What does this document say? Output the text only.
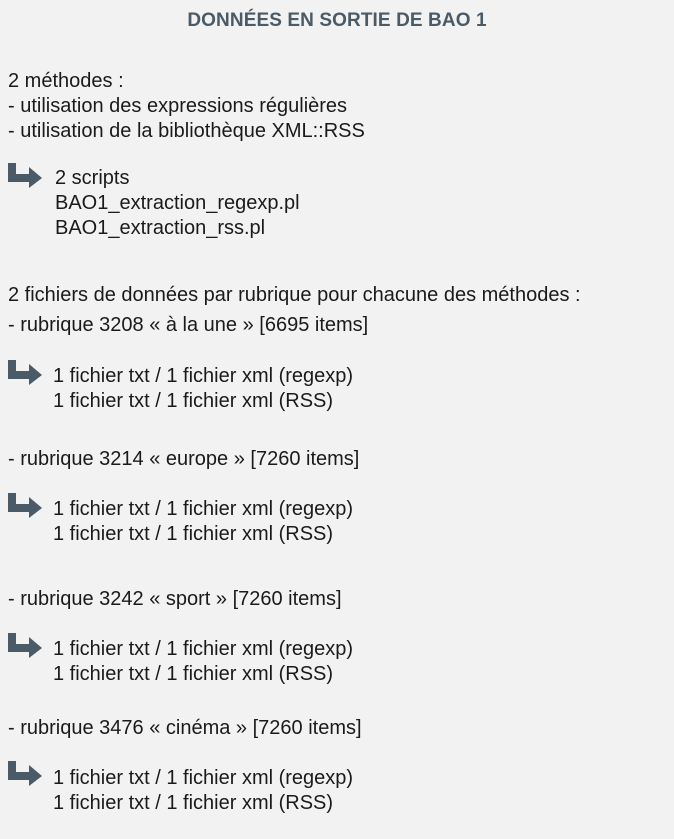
DONNÉES EN SORTIE DE BAO 1
2 méthodes :
- utilisation des expressions régulières
- utilisation de la bibliothèque XML::RSS
2 scripts
BAO1_extraction_regexp.pl
BAO1_extraction_rss.pl
2 fichiers de données par rubrique pour chacune des méthodes :
- rubrique 3208 « à la une » [6695 items]
1 fichier txt / 1 fichier xml (regexp)
1 fichier txt / 1 fichier xml (RSS)
- rubrique 3214 « europe » [7260 items]
1 fichier txt / 1 fichier xml (regexp)
1 fichier txt / 1 fichier xml (RSS)
- rubrique 3242 « sport » [7260 items]
1 fichier txt / 1 fichier xml (regexp)
1 fichier txt / 1 fichier xml (RSS)
- rubrique 3476 « cinéma » [7260 items]
1 fichier txt / 1 fichier xml (regexp)
1 fichier txt / 1 fichier xml (RSS)
